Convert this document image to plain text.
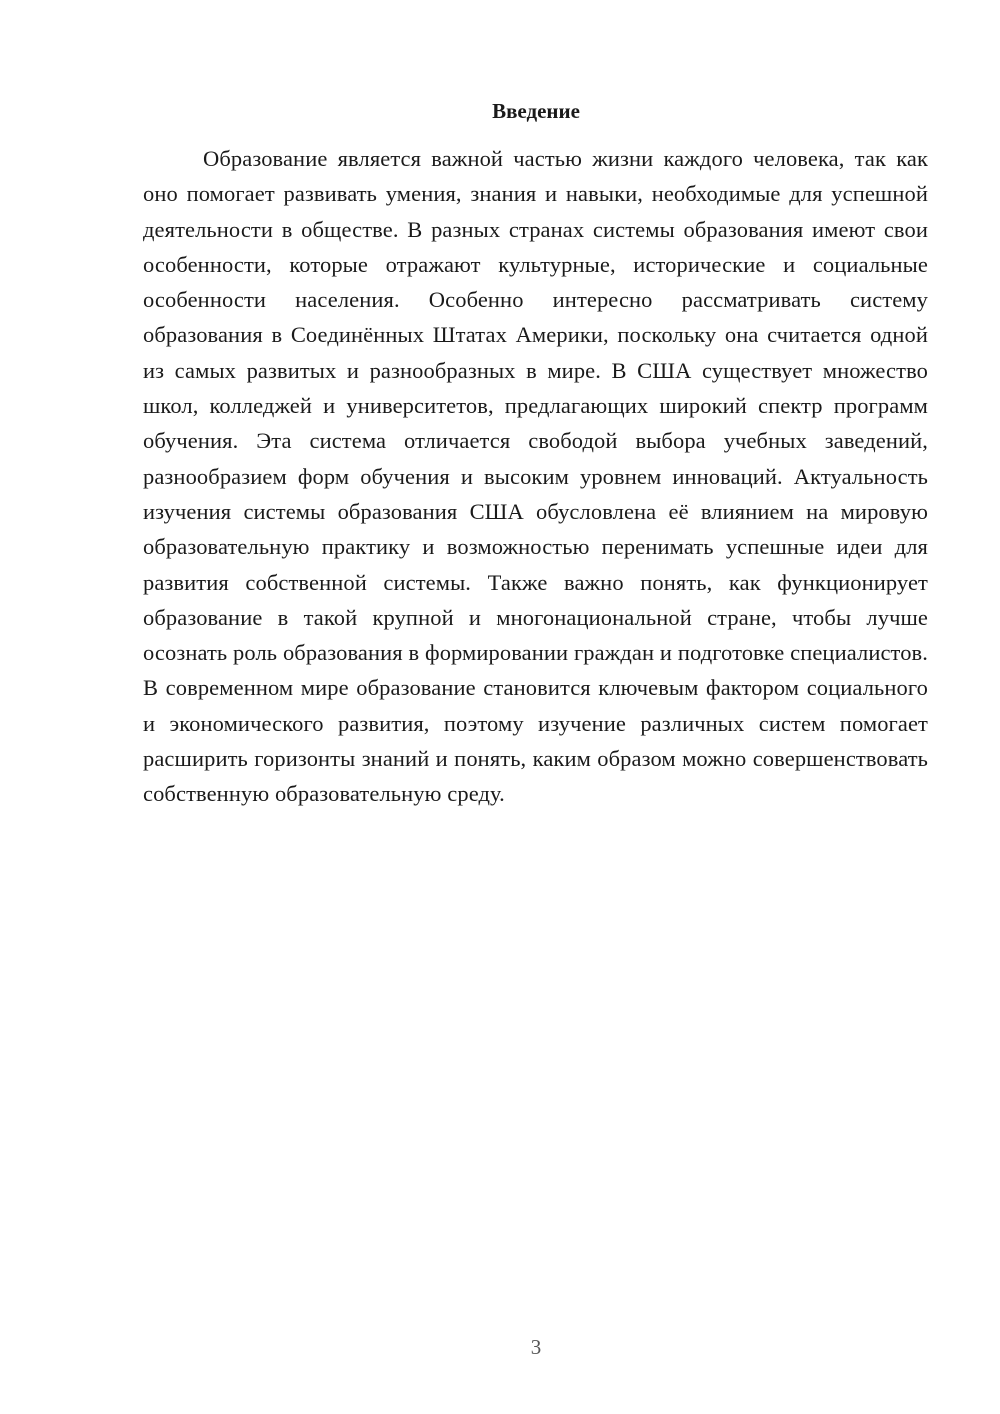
Введение

Образование является важной частью жизни каждого человека, так как оно помогает развивать умения, знания и навыки, необходимые для успешной деятельности в обществе. В разных странах системы образования имеют свои особенности, которые отражают культурные, исторические и социальные особенности населения. Особенно интересно рассматривать систему образования в Соединённых Штатах Америки, поскольку она считается одной из самых развитых и разнообразных в мире. В США существует множество школ, колледжей и университетов, предлагающих широкий спектр программ обучения. Эта система отличается свободой выбора учебных заведений, разнообразием форм обучения и высоким уровнем инноваций. Актуальность изучения системы образования США обусловлена её влиянием на мировую образовательную практику и возможностью перенимать успешные идеи для развития собственной системы. Также важно понять, как функционирует образование в такой крупной и многонациональной стране, чтобы лучше осознать роль образования в формировании граждан и подготовке специалистов. В современном мире образование становится ключевым фактором социального и экономического развития, поэтому изучение различных систем помогает расширить горизонты знаний и понять, каким образом можно совершенствовать собственную образовательную среду.

3
